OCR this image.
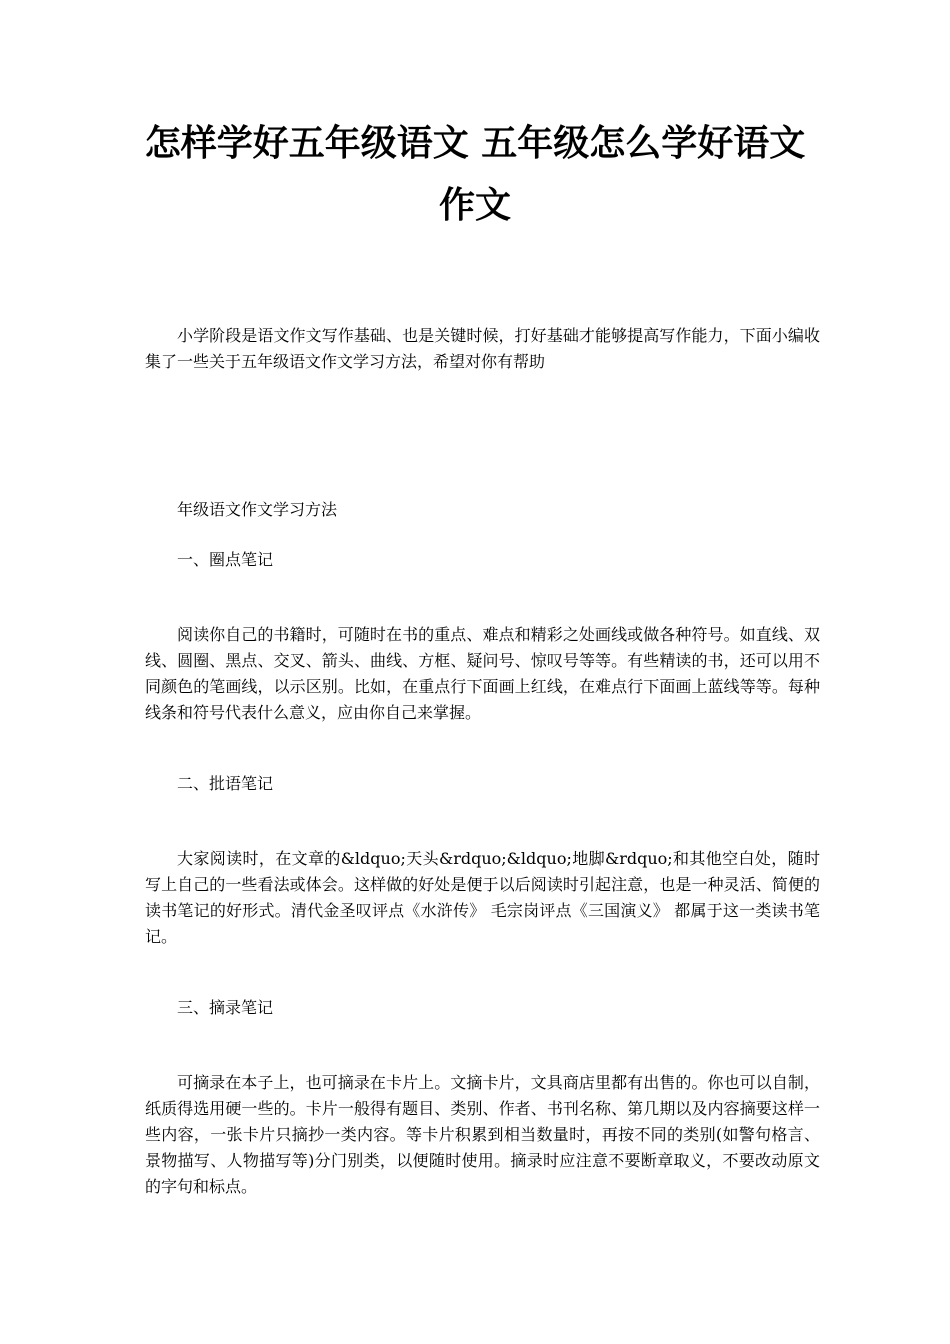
怎样学好五年级语文 五年级怎么学好语文
作文

小学阶段是语文作文写作基础、也是关键时候，打好基础才能够提高写作能力，下面小编收集了一些关于五年级语文作文学习方法，希望对你有帮助

年级语文作文学习方法

一、圈点笔记

阅读你自己的书籍时，可随时在书的重点、难点和精彩之处画线或做各种符号。如直线、双线、圆圈、黑点、交叉、箭头、曲线、方框、疑问号、惊叹号等等。有些精读的书，还可以用不同颜色的笔画线，以示区别。比如，在重点行下面画上红线，在难点行下面画上蓝线等等。每种线条和符号代表什么意义，应由你自己来掌握。

二、批语笔记

大家阅读时，在文章的&ldquo;天头&rdquo;&ldquo;地脚&rdquo;和其他空白处，随时写上自己的一些看法或体会。这样做的好处是便于以后阅读时引起注意，也是一种灵活、简便的读书笔记的好形式。清代金圣叹评点《水浒传》 毛宗岗评点《三国演义》 都属于这一类读书笔记。

三、摘录笔记

可摘录在本子上，也可摘录在卡片上。文摘卡片，文具商店里都有出售的。你也可以自制，纸质得选用硬一些的。卡片一般得有题目、类别、作者、书刊名称、第几期以及内容摘要这样一些内容，一张卡片只摘抄一类内容。等卡片积累到相当数量时，再按不同的类别(如警句格言、景物描写、人物描写等)分门别类，以便随时使用。摘录时应注意不要断章取义，不要改动原文的字句和标点。
